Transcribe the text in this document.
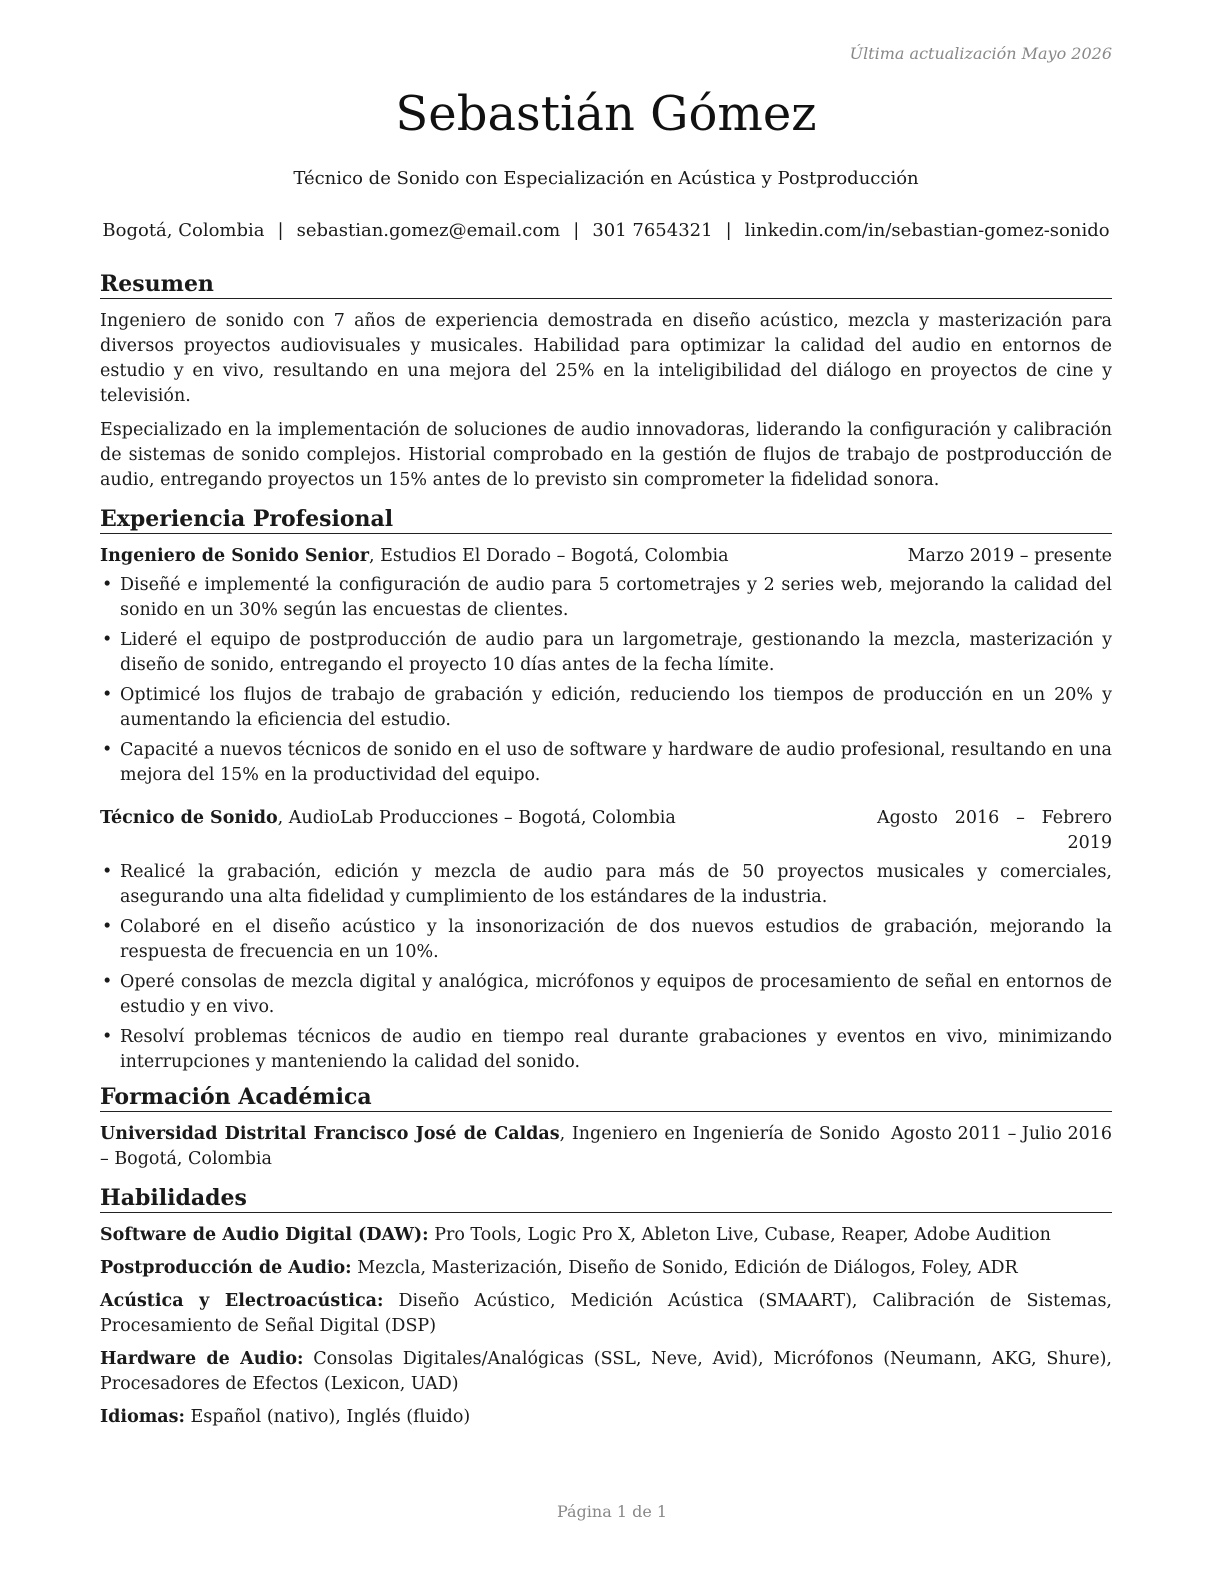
Última actualización Mayo 2026
Sebastián Gómez
Técnico de Sonido con Especialización en Acústica y Postproducción
Bogotá, Colombia | sebastian.gomez@email.com | 301 7654321 | linkedin.com/in/sebastian-gomez-sonido
Resumen

Ingeniero de sonido con 7 años de experiencia demostrada en diseño acústico, mezcla y masterización para diversos proyectos audiovisuales y musicales. Habilidad para optimizar la calidad del audio en entornos de estudio y en vivo, resultando en una mejora del 25% en la inteligibilidad del diálogo en proyectos de cine y televisión.

Especializado en la implementación de soluciones de audio innovadoras, liderando la configuración y calibración de sistemas de sonido complejos. Historial comprobado en la gestión de flujos de trabajo de postproducción de audio, entregando proyectos un 15% antes de lo previsto sin comprometer la fidelidad sonora.

Experiencia Profesional
Ingeniero de Sonido Senior, Estudios El Dorado – Bogotá, Colombia	Marzo 2019 – presente
• Diseñé e implementé la configuración de audio para 5 cortometrajes y 2 series web, mejorando la calidad del sonido en un 30% según las encuestas de clientes.
• Lideré el equipo de postproducción de audio para un largometraje, gestionando la mezcla, masterización y diseño de sonido, entregando el proyecto 10 días antes de la fecha límite.
• Optimicé los flujos de trabajo de grabación y edición, reduciendo los tiempos de producción en un 20% y aumentando la eficiencia del estudio.
• Capacité a nuevos técnicos de sonido en el uso de software y hardware de audio profesional, resultando en una mejora del 15% en la productividad del equipo.
Técnico de Sonido, AudioLab Producciones – Bogotá, Colombia	Agosto 2016 – Febrero 2019
• Realicé la grabación, edición y mezcla de audio para más de 50 proyectos musicales y comerciales, asegurando una alta fidelidad y cumplimiento de los estándares de la industria.
• Colaboré en el diseño acústico y la insonorización de dos nuevos estudios de grabación, mejorando la respuesta de frecuencia en un 10%.
• Operé consolas de mezcla digital y analógica, micrófonos y equipos de procesamiento de señal en entornos de estudio y en vivo.
• Resolví problemas técnicos de audio en tiempo real durante grabaciones y eventos en vivo, minimizando interrupciones y manteniendo la calidad del sonido.
Formación Académica
Universidad Distrital Francisco José de Caldas, Ingeniero en Ingeniería de Sonido – Bogotá, Colombia
Agosto 2011 – Julio 2016
Habilidades
Software de Audio Digital (DAW): Pro Tools, Logic Pro X, Ableton Live, Cubase, Reaper, Adobe Audition
Postproducción de Audio: Mezcla, Masterización, Diseño de Sonido, Edición de Diálogos, Foley, ADR
Acústica y Electroacústica: Diseño Acústico, Medición Acústica (SMAART), Calibración de Sistemas, Procesamiento de Señal Digital (DSP)
Hardware de Audio: Consolas Digitales/Analógicas (SSL, Neve, Avid), Micrófonos (Neumann, AKG, Shure), Procesadores de Efectos (Lexicon, UAD)
Idiomas: Español (nativo), Inglés (fluido)
Página 1 de 1
